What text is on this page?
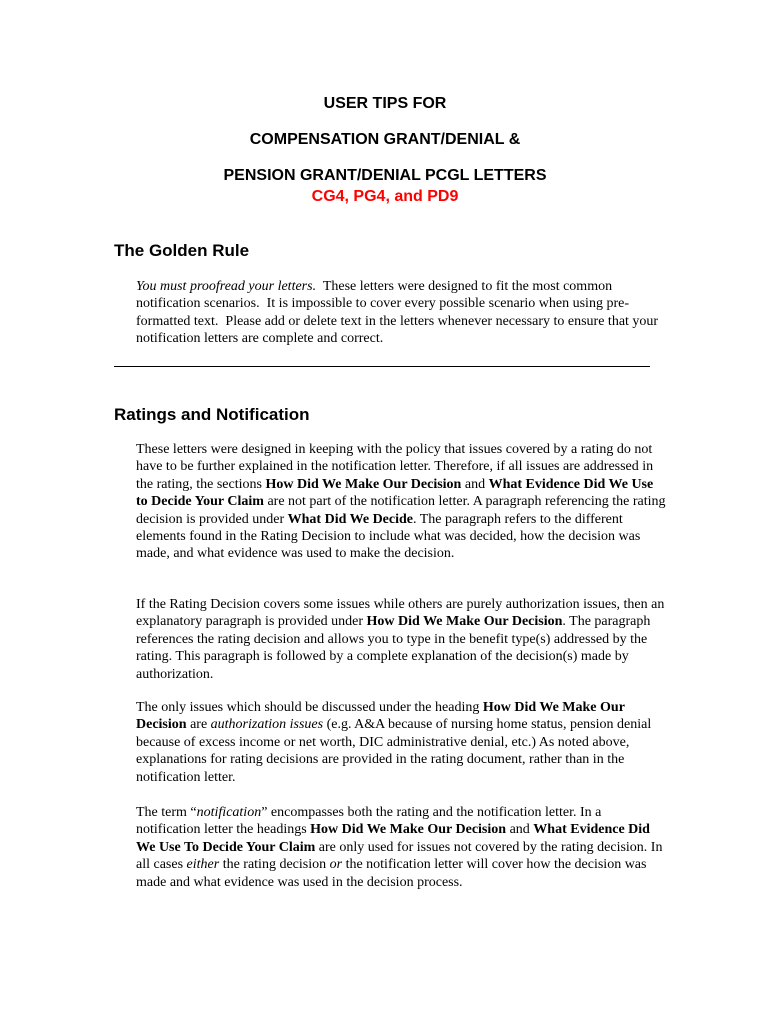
USER TIPS FOR
COMPENSATION GRANT/DENIAL &
PENSION GRANT/DENIAL PCGL LETTERS
CG4, PG4, and PD9
The Golden Rule

You must proofread your letters.  These letters were designed to fit the most common notification scenarios.  It is impossible to cover every possible scenario when using pre-formatted text.  Please add or delete text in the letters whenever necessary to ensure that your notification letters are complete and correct.

Ratings and Notification

These letters were designed in keeping with the policy that issues covered by a rating do not have to be further explained in the notification letter. Therefore, if all issues are addressed in the rating, the sections How Did We Make Our Decision and What Evidence Did We Use to Decide Your Claim are not part of the notification letter. A paragraph referencing the rating decision is provided under What Did We Decide. The paragraph refers to the different elements found in the Rating Decision to include what was decided, how the decision was made, and what evidence was used to make the decision.

If the Rating Decision covers some issues while others are purely authorization issues, then an explanatory paragraph is provided under How Did We Make Our Decision. The paragraph references the rating decision and allows you to type in the benefit type(s) addressed by the rating. This paragraph is followed by a complete explanation of the decision(s) made by authorization.

The only issues which should be discussed under the heading How Did We Make Our Decision are authorization issues (e.g. A&A because of nursing home status, pension denial because of excess income or net worth, DIC administrative denial, etc.) As noted above, explanations for rating decisions are provided in the rating document, rather than in the notification letter.

The term “notification” encompasses both the rating and the notification letter. In a notification letter the headings How Did We Make Our Decision and What Evidence Did We Use To Decide Your Claim are only used for issues not covered by the rating decision. In all cases either the rating decision or the notification letter will cover how the decision was made and what evidence was used in the decision process.
